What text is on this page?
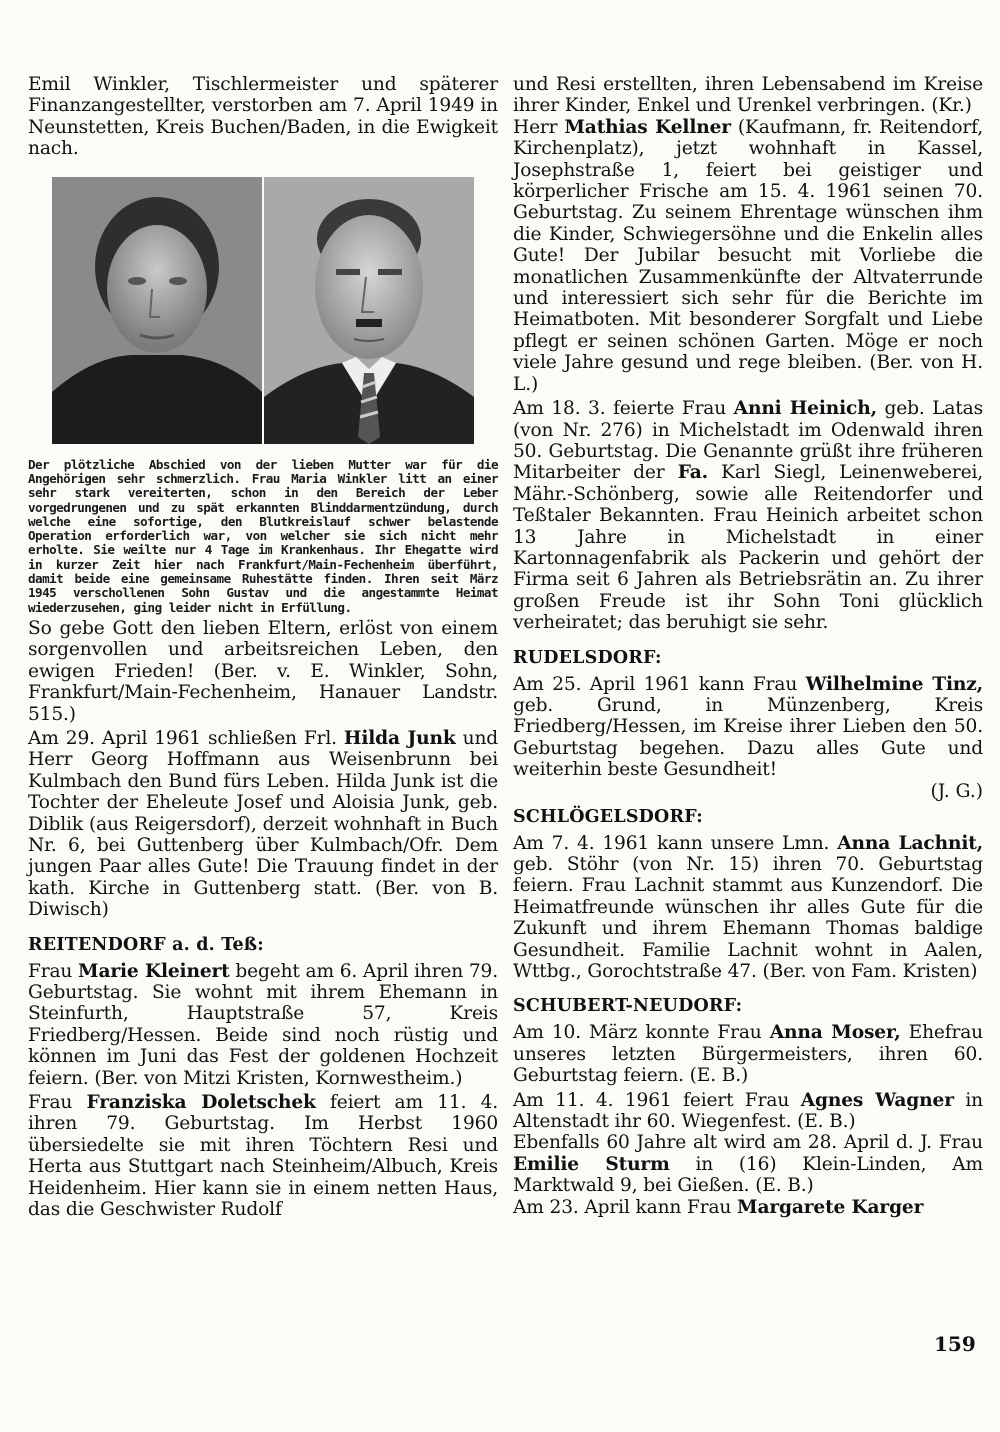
Emil Winkler, Tischlermeister und späterer Finanzangestellter, verstorben am 7. April 1949 in Neunstetten, Kreis Buchen/Baden, in die Ewigkeit nach.

Der plötzliche Abschied von der lieben Mutter war für die Angehörigen sehr schmerzlich. Frau Maria Winkler litt an einer sehr stark vereiterten, schon in den Bereich der Leber vorgedrungenen und zu spät erkannten Blinddarmentzündung, durch welche eine sofortige, den Blutkreislauf schwer belastende Operation erforderlich war, von welcher sie sich nicht mehr erholte. Sie weilte nur 4 Tage im Krankenhaus. Ihr Ehegatte wird in kurzer Zeit hier nach Frankfurt/Main-Fechenheim überführt, damit beide eine gemeinsame Ruhestätte finden. Ihren seit März 1945 verschollenen Sohn Gustav und die angestammte Heimat wiederzusehen, ging leider nicht in Erfüllung.

So gebe Gott den lieben Eltern, erlöst von einem sorgenvollen und arbeitsreichen Leben, den ewigen Frieden! (Ber. v. E. Winkler, Sohn, Frankfurt/Main-Fechenheim, Hanauer Landstr. 515.)

Am 29. April 1961 schließen Frl. Hilda Junk und Herr Georg Hoffmann aus Weisenbrunn bei Kulmbach den Bund fürs Leben. Hilda Junk ist die Tochter der Eheleute Josef und Aloisia Junk, geb. Diblik (aus Reigersdorf), derzeit wohnhaft in Buch Nr. 6, bei Guttenberg über Kulmbach/Ofr. Dem jungen Paar alles Gute! Die Trauung findet in der kath. Kirche in Guttenberg statt. (Ber. von B. Diwisch)

REITENDORF a. d. Teß:

Frau Marie Kleinert begeht am 6. April ihren 79. Geburtstag. Sie wohnt mit ihrem Ehemann in Steinfurth, Hauptstraße 57, Kreis Friedberg/Hessen. Beide sind noch rüstig und können im Juni das Fest der goldenen Hochzeit feiern. (Ber. von Mitzi Kristen, Kornwestheim.)

Frau Franziska Doletschek feiert am 11. 4. ihren 79. Geburtstag. Im Herbst 1960 übersiedelte sie mit ihren Töchtern Resi und Herta aus Stuttgart nach Steinheim/Albuch, Kreis Heidenheim. Hier kann sie in einem netten Haus, das die Geschwister Rudolf

und Resi erstellten, ihren Lebensabend im Kreise ihrer Kinder, Enkel und Urenkel verbringen. (Kr.)

Herr Mathias Kellner (Kaufmann, fr. Reitendorf, Kirchenplatz), jetzt wohnhaft in Kassel, Josephstraße 1, feiert bei geistiger und körperlicher Frische am 15. 4. 1961 seinen 70. Geburtstag. Zu seinem Ehrentage wünschen ihm die Kinder, Schwiegersöhne und die Enkelin alles Gute! Der Jubilar besucht mit Vorliebe die monatlichen Zusammenkünfte der Altvaterrunde und interessiert sich sehr für die Berichte im Heimatboten. Mit besonderer Sorgfalt und Liebe pflegt er seinen schönen Garten. Möge er noch viele Jahre gesund und rege bleiben. (Ber. von H. L.)

Am 18. 3. feierte Frau Anni Heinich, geb. Latas (von Nr. 276) in Michelstadt im Odenwald ihren 50. Geburtstag. Die Genannte grüßt ihre früheren Mitarbeiter der Fa. Karl Siegl, Leinenweberei, Mähr.-Schönberg, sowie alle Reitendorfer und Teßtaler Bekannten. Frau Heinich arbeitet schon 13 Jahre in Michelstadt in einer Kartonnagenfabrik als Packerin und gehört der Firma seit 6 Jahren als Betriebsrätin an. Zu ihrer großen Freude ist ihr Sohn Toni glücklich verheiratet; das beruhigt sie sehr.

RUDELSDORF:

Am 25. April 1961 kann Frau Wilhelmine Tinz, geb. Grund, in Münzenberg, Kreis Friedberg/Hessen, im Kreise ihrer Lieben den 50. Geburtstag begehen. Dazu alles Gute und weiterhin beste Gesundheit!

(J. G.)

SCHLÖGELSDORF:

Am 7. 4. 1961 kann unsere Lmn. Anna Lachnit, geb. Stöhr (von Nr. 15) ihren 70. Geburtstag feiern. Frau Lachnit stammt aus Kunzendorf. Die Heimatfreunde wünschen ihr alles Gute für die Zukunft und ihrem Ehemann Thomas baldige Gesundheit. Familie Lachnit wohnt in Aalen, Wttbg., Gorochtstraße 47. (Ber. von Fam. Kristen)

SCHUBERT-NEUDORF:

Am 10. März konnte Frau Anna Moser, Ehefrau unseres letzten Bürgermeisters, ihren 60. Geburtstag feiern. (E. B.)

Am 11. 4. 1961 feiert Frau Agnes Wagner in Altenstadt ihr 60. Wiegenfest. (E. B.)

Ebenfalls 60 Jahre alt wird am 28. April d. J. Frau Emilie Sturm in (16) Klein-Linden, Am Marktwald 9, bei Gießen. (E. B.)

Am 23. April kann Frau Margarete Karger

159
